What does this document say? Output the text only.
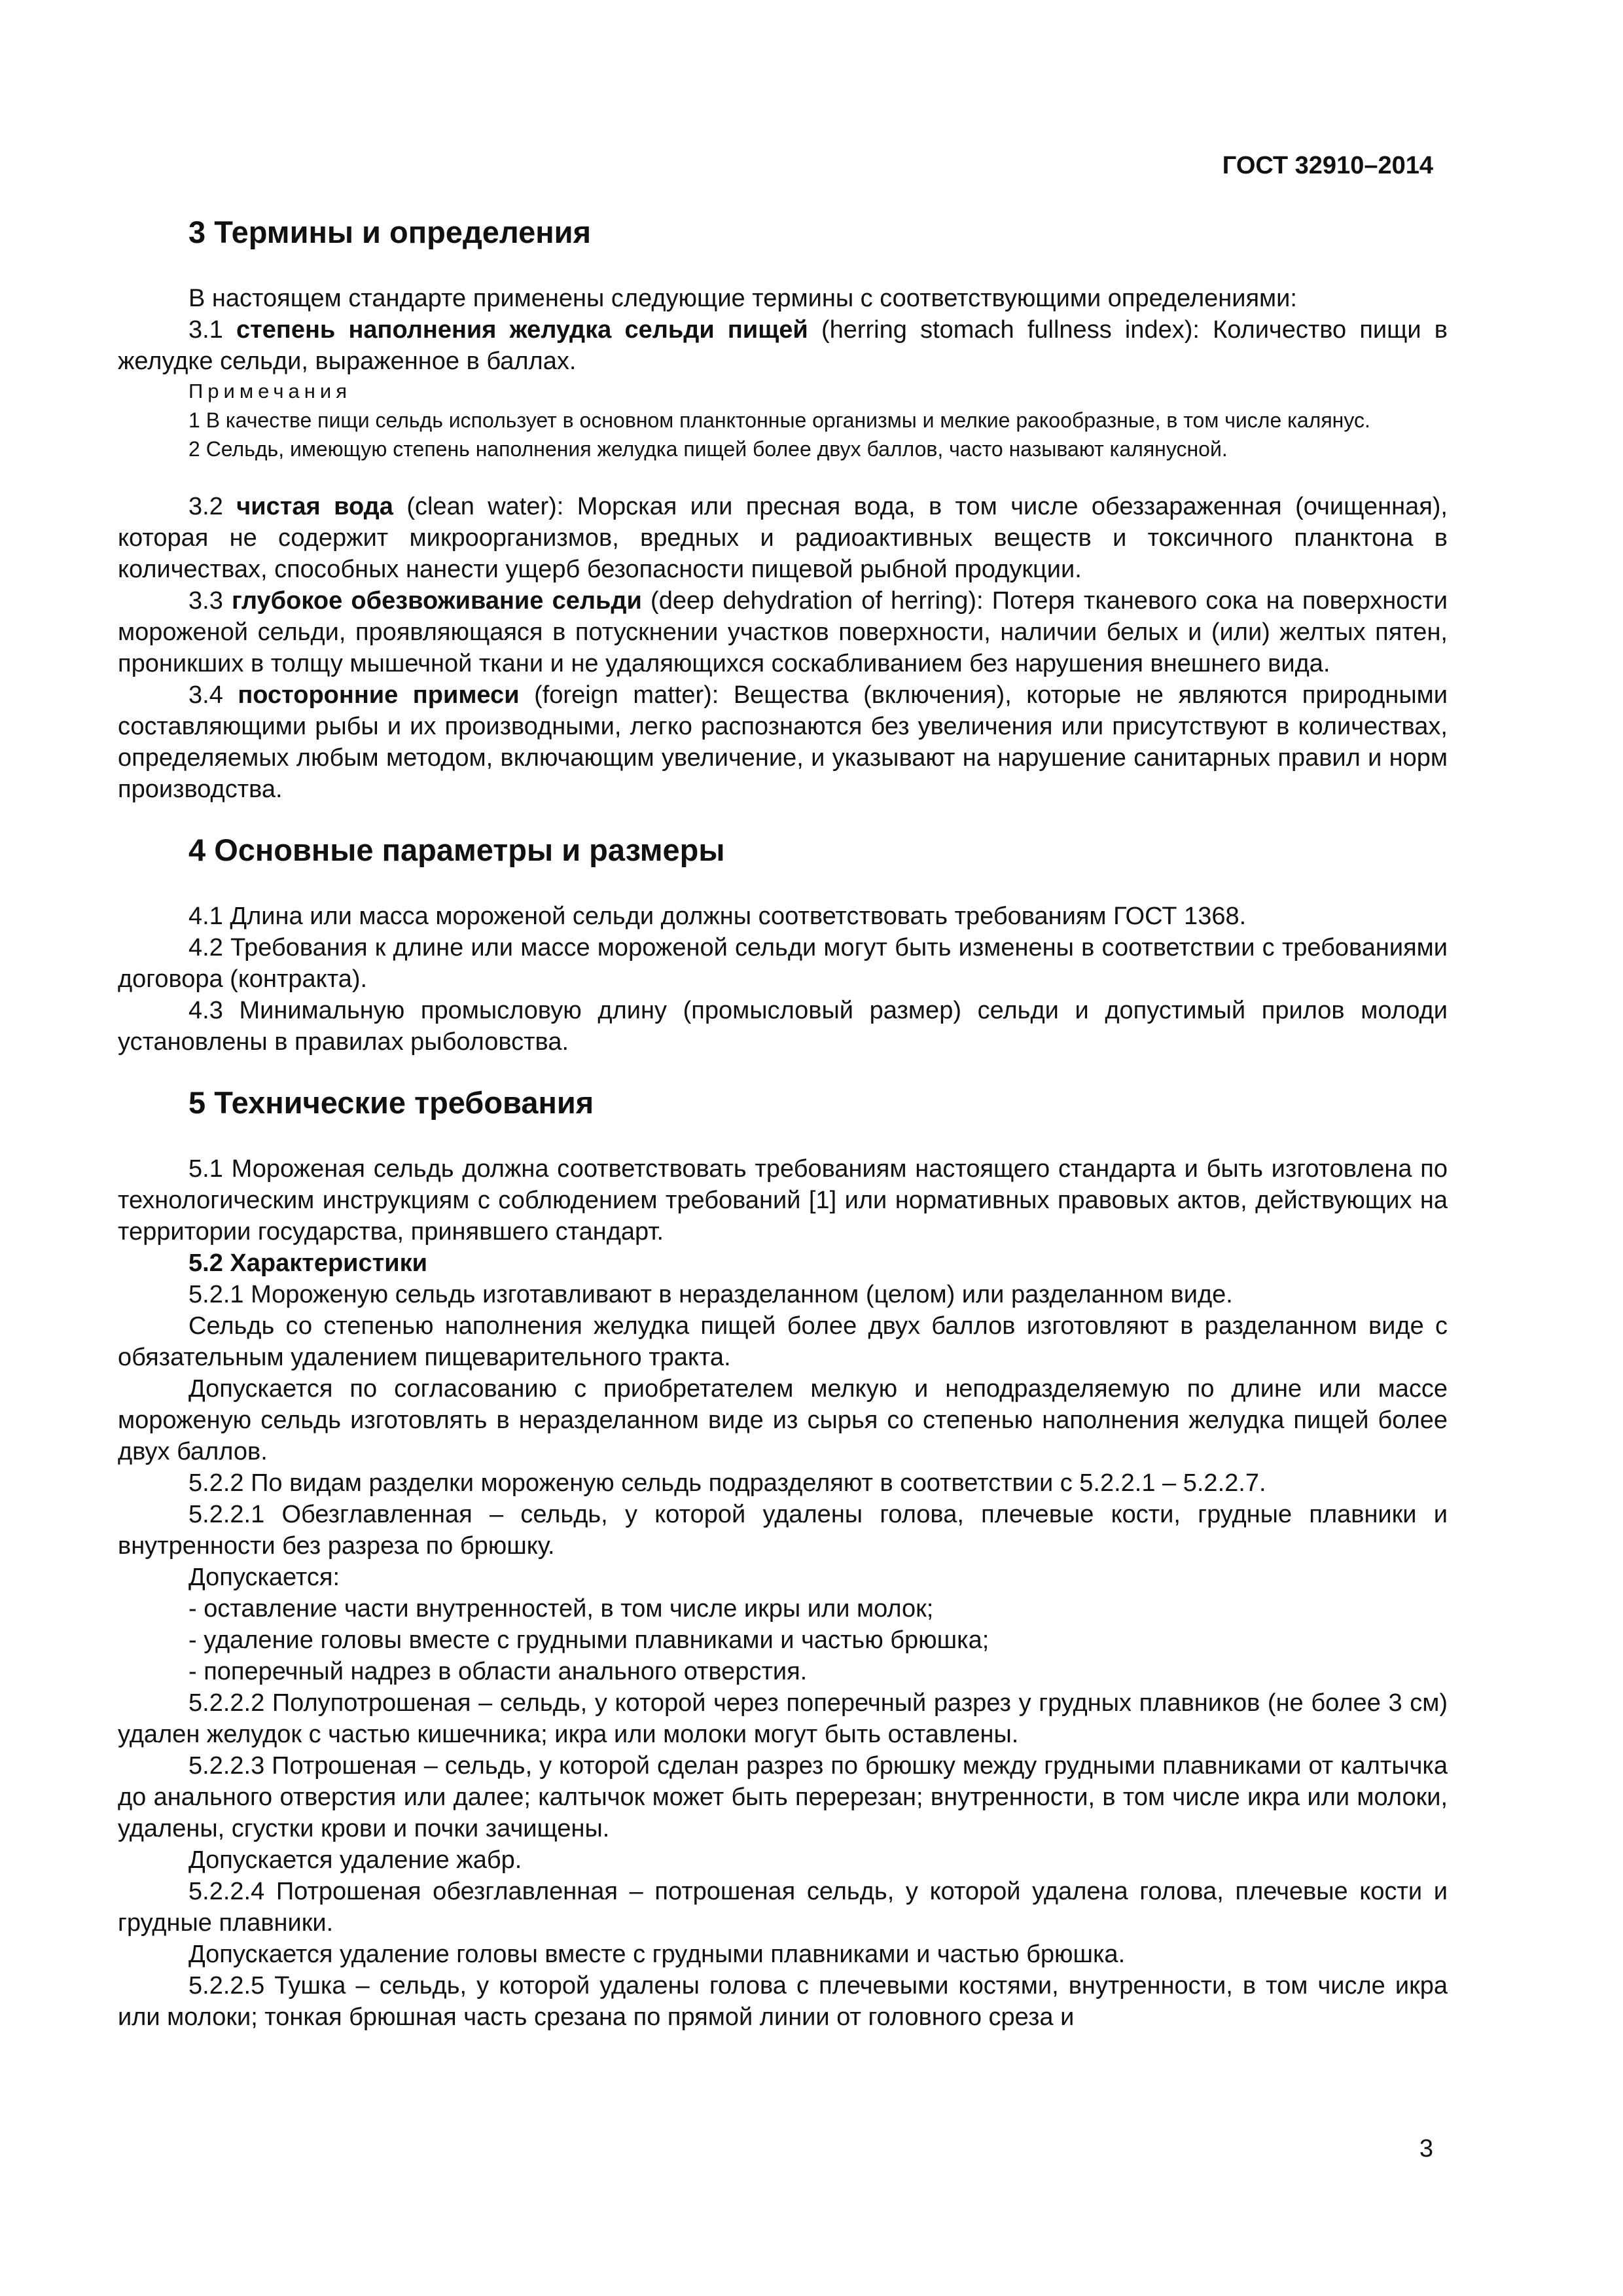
ГОСТ 32910–2014
3 Термины и определения

В настоящем стандарте применены следующие термины с соответствующими определениями:

3.1 степень наполнения желудка сельди пищей (herring stomach fullness index): Количество пищи в желудке сельди, выраженное в баллах.

Примечания

1 В качестве пищи сельдь использует в основном планктонные организмы и мелкие ракообразные, в том числе калянус.

2 Сельдь, имеющую степень наполнения желудка пищей более двух баллов, часто называют калянусной.

3.2 чистая вода (clean water): Морская или пресная вода, в том числе обеззараженная (очищенная), которая не содержит микроорганизмов, вредных и радиоактивных веществ и токсичного планктона в количествах, способных нанести ущерб безопасности пищевой рыбной продукции.

3.3 глубокое обезвоживание сельди (deep dehydration of herring): Потеря тканевого сока на поверхности мороженой сельди, проявляющаяся в потускнении участков поверхности, наличии белых и (или) желтых пятен, проникших в толщу мышечной ткани и не удаляющихся соскабливанием без нарушения внешнего вида.

3.4 посторонние примеси (foreign matter): Вещества (включения), которые не являются природными составляющими рыбы и их производными, легко распознаются без увеличения или присутствуют в количествах, определяемых любым методом, включающим увеличение, и указывают на нарушение санитарных правил и норм производства.

4 Основные параметры и размеры

4.1 Длина или масса мороженой сельди должны соответствовать требованиям ГОСТ 1368.

4.2 Требования к длине или массе мороженой сельди могут быть изменены в соответствии с требованиями договора (контракта).

4.3 Минимальную промысловую длину (промысловый размер) сельди и допустимый прилов молоди установлены в правилах рыболовства.

5 Технические требования

5.1 Мороженая сельдь должна соответствовать требованиям настоящего стандарта и быть изготовлена по технологическим инструкциям с соблюдением требований [1] или нормативных правовых актов, действующих на территории государства, принявшего стандарт.

5.2 Характеристики

5.2.1 Мороженую сельдь изготавливают в неразделанном (целом) или разделанном виде.

Сельдь со степенью наполнения желудка пищей более двух баллов изготовляют в разделанном виде с обязательным удалением пищеварительного тракта.

Допускается по согласованию с приобретателем мелкую и неподразделяемую по длине или массе мороженую сельдь изготовлять в неразделанном виде из сырья со степенью наполнения желудка пищей более двух баллов.

5.2.2 По видам разделки мороженую сельдь подразделяют в соответствии с 5.2.2.1 – 5.2.2.7.

5.2.2.1 Обезглавленная – сельдь, у которой удалены голова, плечевые кости, грудные плавники и внутренности без разреза по брюшку.

Допускается:

- оставление части внутренностей, в том числе икры или молок;

- удаление головы вместе с грудными плавниками и частью брюшка;

- поперечный надрез в области анального отверстия.

5.2.2.2 Полупотрошеная – сельдь, у которой через поперечный разрез у грудных плавников (не более 3 см) удален желудок с частью кишечника; икра или молоки могут быть оставлены.

5.2.2.3 Потрошеная – сельдь, у которой сделан разрез по брюшку между грудными плавниками от калтычка до анального отверстия или далее; калтычок может быть перерезан; внутренности, в том числе икра или молоки, удалены, сгустки крови и почки зачищены.

Допускается удаление жабр.

5.2.2.4 Потрошеная обезглавленная – потрошеная сельдь, у которой удалена голова, плечевые кости и грудные плавники.

Допускается удаление головы вместе с грудными плавниками и частью брюшка.

5.2.2.5 Тушка – сельдь, у которой удалены голова с плечевыми костями, внутренности, в том числе икра или молоки; тонкая брюшная часть срезана по прямой линии от головного среза и

3
